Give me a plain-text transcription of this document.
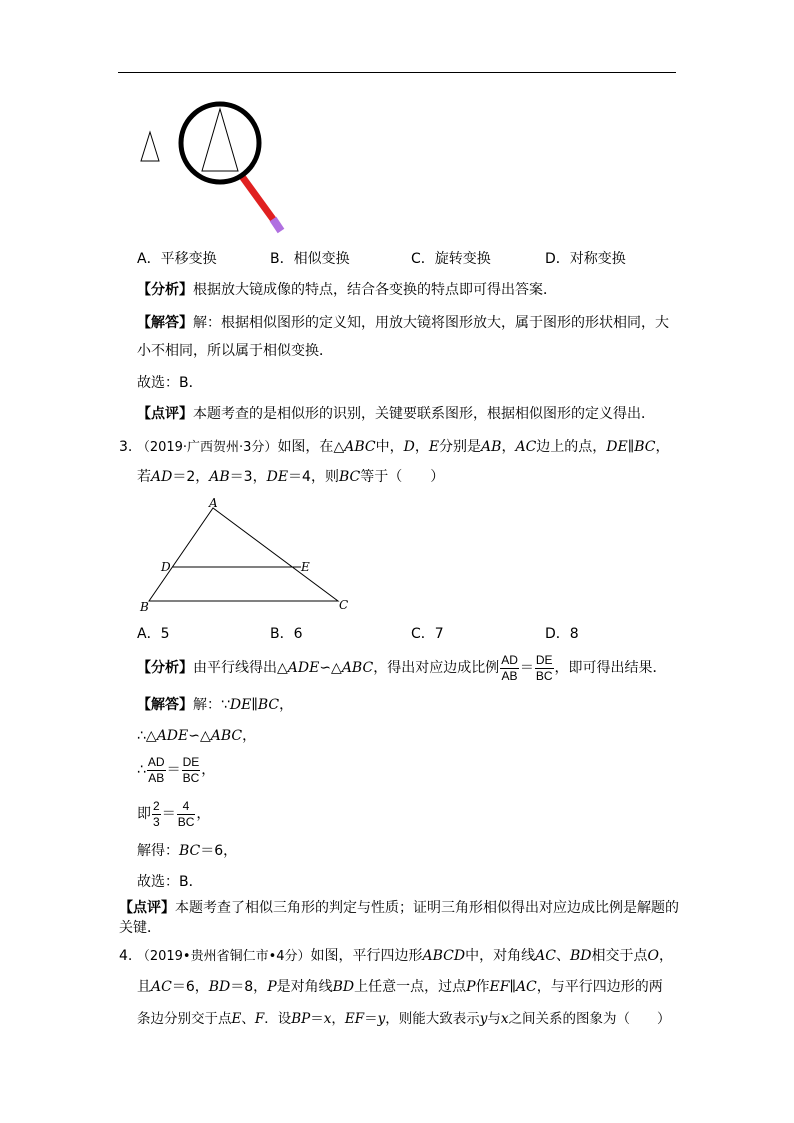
A．平移变换	B．相似变换	C．旋转变换	D．对称变换
【分析】根据放大镜成像的特点，结合各变换的特点即可得出答案．
【解答】解：根据相似图形的定义知，用放大镜将图形放大，属于图形的形状相同，大
小不相同，所以属于相似变换．
故选：B．
【点评】本题考查的是相似形的识别，关键要联系图形，根据相似图形的定义得出．
3. （2019·广西贺州·3分）如图，在△ABC中，D，E分别是AB，AC边上的点，DE∥BC，
若AD＝2，AB＝3，DE＝4，则BC等于（　　）
A
B	C
D	E
A．5	B．6	C．7	D．8
【分析】由平行线得出△ADE∽△ABC，得出对应边成比例 $\frac{AD}{AB} = \frac{DE}{BC}$ ，即可得出结果．
【解答】解：∵DE∥BC，
∴△ADE∽△ABC，
∴ $\frac{AD}{AB} = \frac{DE}{BC}$ ，
即 $\frac{2}{3} = \frac{4}{BC}$ ，
解得：BC＝6，
故选：B．
【点评】本题考查了相似三角形的判定与性质；证明三角形相似得出对应边成比例是解题的
关键．
4. （2019•贵州省铜仁市•4分）如图，平行四边形ABCD中，对角线AC、BD相交于点O，
且AC＝6，BD＝8，P是对角线BD上任意一点，过点P作EF∥AC，与平行四边形的两
条边分别交于点E、F．设BP＝x，EF＝y，则能大致表示y与x之间关系的图象为（　　）
